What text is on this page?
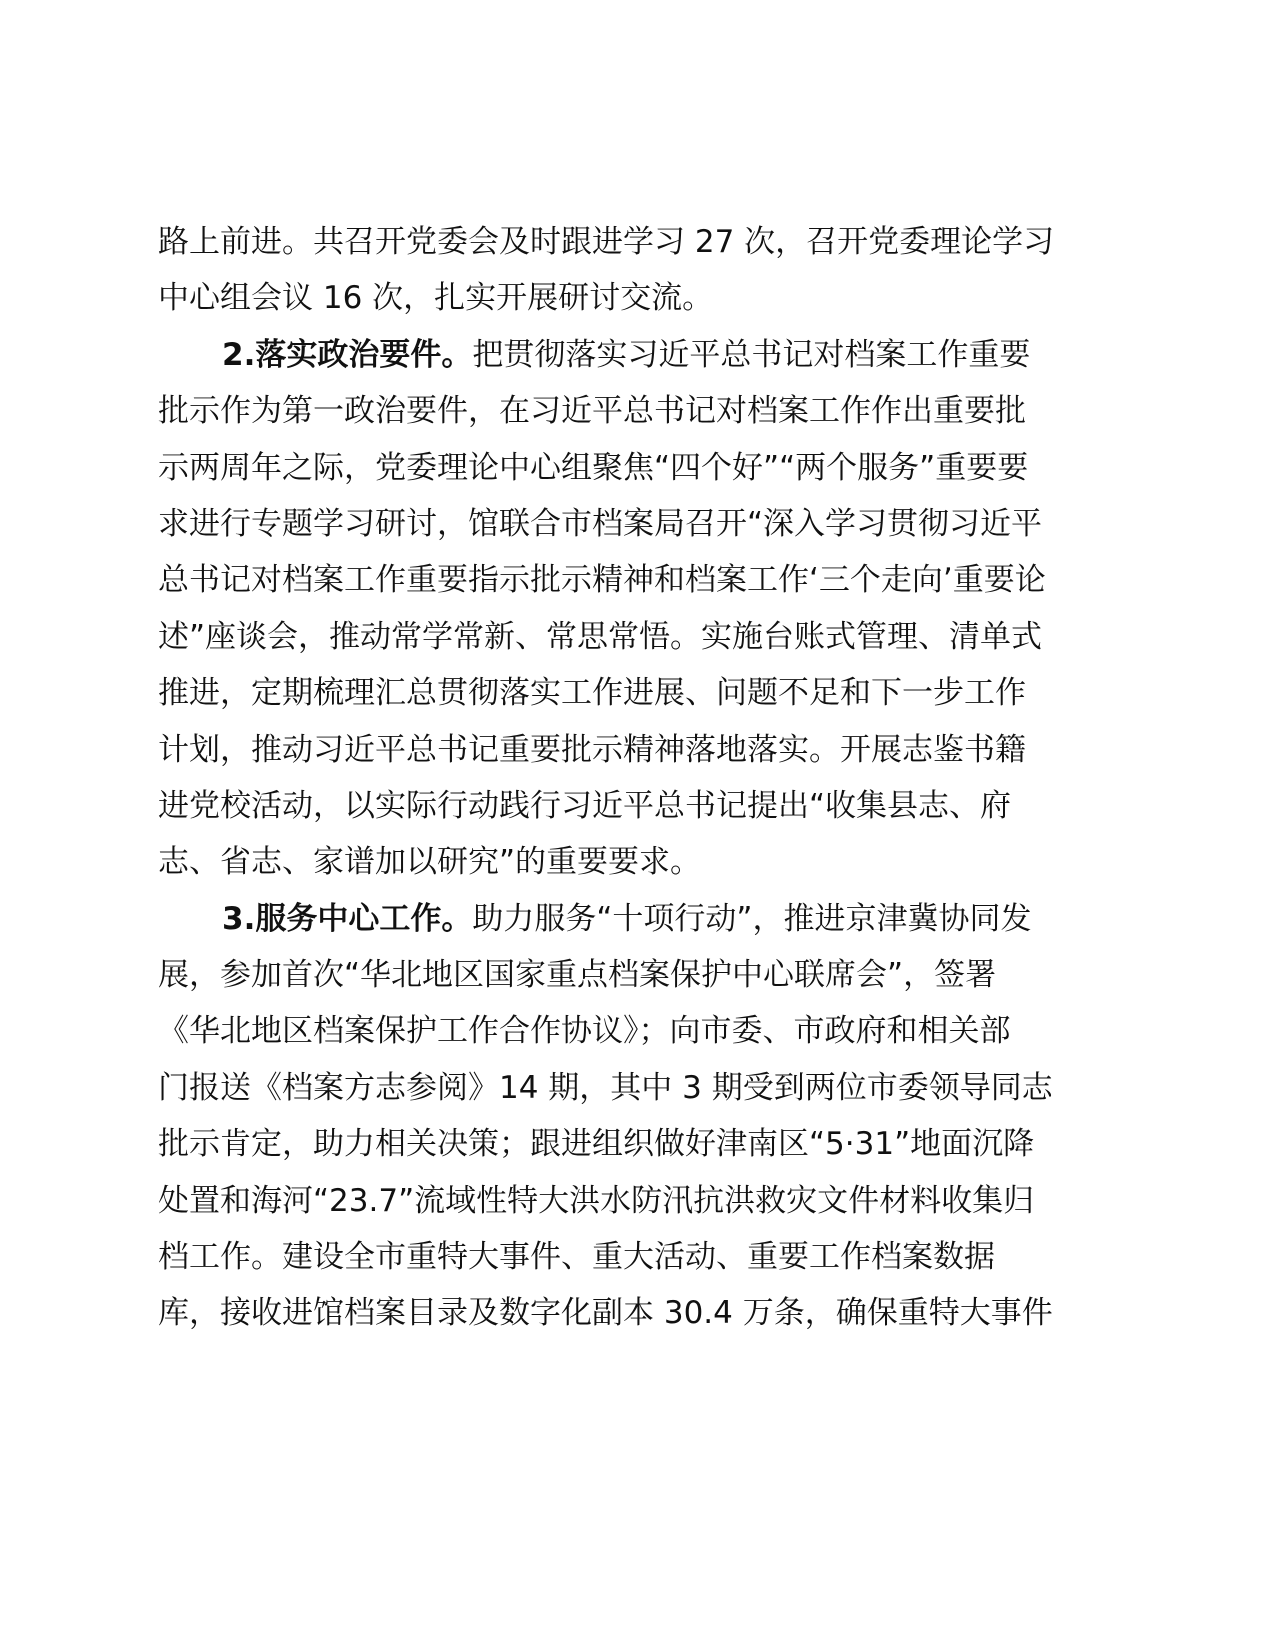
路上前进。共召开党委会及时跟进学习 27 次，召开党委理论学习
中心组会议 16 次，扎实开展研讨交流。
2.落实政治要件。把贯彻落实习近平总书记对档案工作重要
批示作为第一政治要件，在习近平总书记对档案工作作出重要批
示两周年之际，党委理论中心组聚焦“四个好”“两个服务”重要要
求进行专题学习研讨，馆联合市档案局召开“深入学习贯彻习近平
总书记对档案工作重要指示批示精神和档案工作‘三个走向’重要论
述”座谈会，推动常学常新、常思常悟。实施台账式管理、清单式
推进，定期梳理汇总贯彻落实工作进展、问题不足和下一步工作
计划，推动习近平总书记重要批示精神落地落实。开展志鉴书籍
进党校活动，以实际行动践行习近平总书记提出“收集县志、府
志、省志、家谱加以研究”的重要要求。
3.服务中心工作。助力服务“十项行动”，推进京津冀协同发
展，参加首次“华北地区国家重点档案保护中心联席会”，签署
《华北地区档案保护工作合作协议》；向市委、市政府和相关部
门报送《档案方志参阅》14 期，其中 3 期受到两位市委领导同志
批示肯定，助力相关决策；跟进组织做好津南区“5·31”地面沉降
处置和海河“23.7”流域性特大洪水防汛抗洪救灾文件材料收集归
档工作。建设全市重特大事件、重大活动、重要工作档案数据
库，接收进馆档案目录及数字化副本 30.4 万条，确保重特大事件
